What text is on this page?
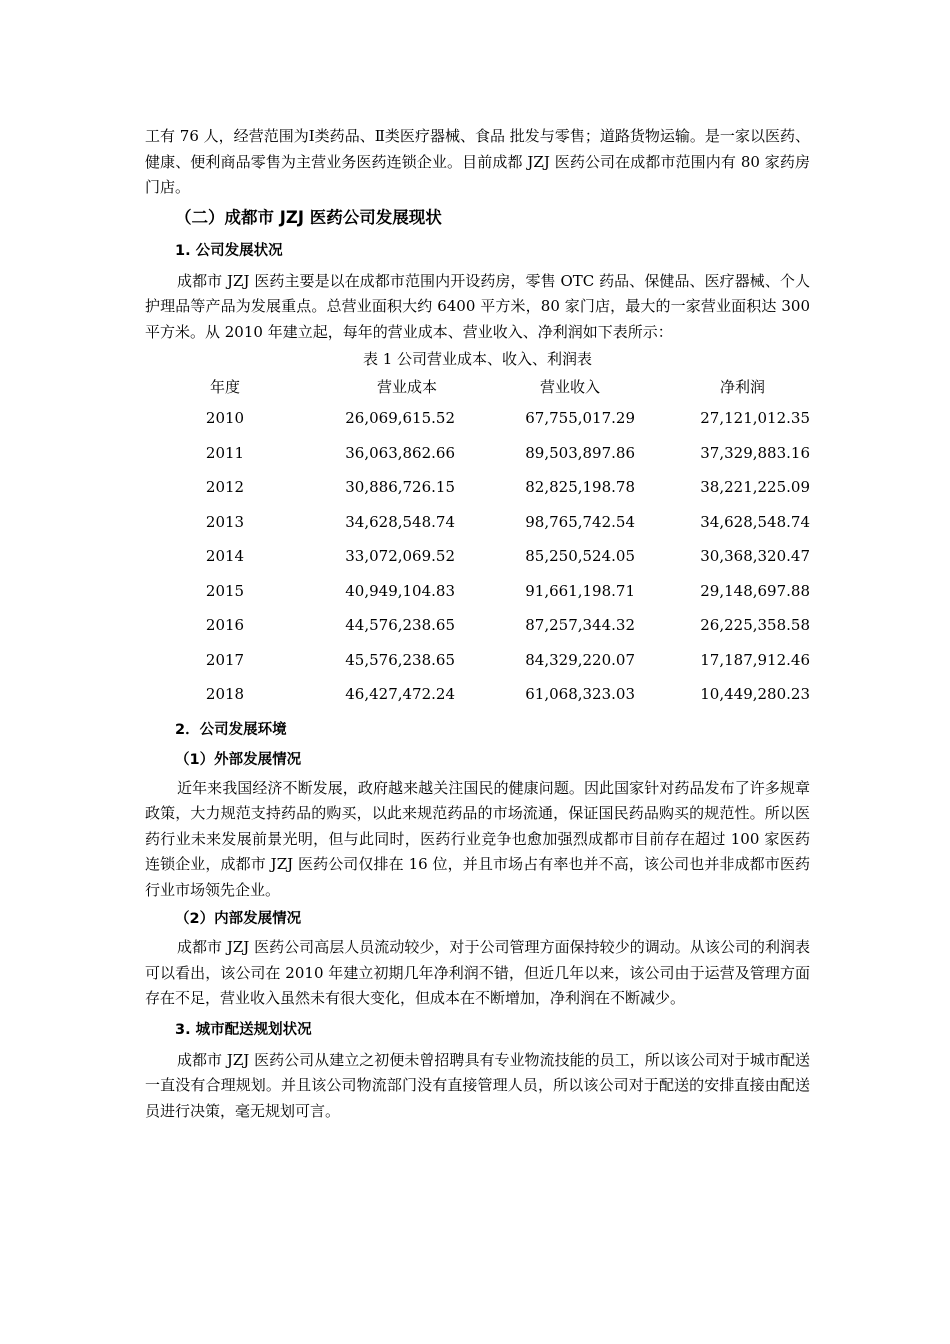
工有 76 人，经营范围为Ⅰ类药品、Ⅱ类医疗器械、食品 批发与零售；道路货物运输。是一家以医药、健康、便利商品零售为主营业务医药连锁企业。目前成都 JZJ 医药公司在成都市范围内有 80 家药房门店。

（二）成都市 JZJ 医药公司发展现状
1. 公司发展状况

成都市 JZJ 医药主要是以在成都市范围内开设药房，零售 OTC 药品、保健品、医疗器械、个人护理品等产品为发展重点。总营业面积大约 6400 平方米，80 家门店，最大的一家营业面积达 300 平方米。从 2010 年建立起，每年的营业成本、营业收入、净利润如下表所示：

表 1 公司营业成本、收入、利润表
年度	营业成本	营业收入	净利润
2010	26,069,615.52	67,755,017.29	27,121,012.35
2011	36,063,862.66	89,503,897.86	37,329,883.16
2012	30,886,726.15	82,825,198.78	38,221,225.09
2013	34,628,548.74	98,765,742.54	34,628,548.74
2014	33,072,069.52	85,250,524.05	30,368,320.47
2015	40,949,104.83	91,661,198.71	29,148,697.88
2016	44,576,238.65	87,257,344.32	26,225,358.58
2017	45,576,238.65	84,329,220.07	17,187,912.46
2018	46,427,472.24	61,068,323.03	10,449,280.23
2．公司发展环境
（1）外部发展情况

近年来我国经济不断发展，政府越来越关注国民的健康问题。因此国家针对药品发布了许多规章政策，大力规范支持药品的购买，以此来规范药品的市场流通，保证国民药品购买的规范性。所以医药行业未来发展前景光明，但与此同时，医药行业竞争也愈加强烈成都市目前存在超过 100 家医药连锁企业，成都市 JZJ 医药公司仅排在 16 位，并且市场占有率也并不高，该公司也并非成都市医药行业市场领先企业。

（2）内部发展情况

成都市 JZJ 医药公司高层人员流动较少，对于公司管理方面保持较少的调动。从该公司的利润表可以看出，该公司在 2010 年建立初期几年净利润不错，但近几年以来，该公司由于运营及管理方面存在不足，营业收入虽然未有很大变化，但成本在不断增加，净利润在不断减少。

3. 城市配送规划状况

成都市 JZJ 医药公司从建立之初便未曾招聘具有专业物流技能的员工，所以该公司对于城市配送一直没有合理规划。并且该公司物流部门没有直接管理人员，所以该公司对于配送的安排直接由配送员进行决策，毫无规划可言。
